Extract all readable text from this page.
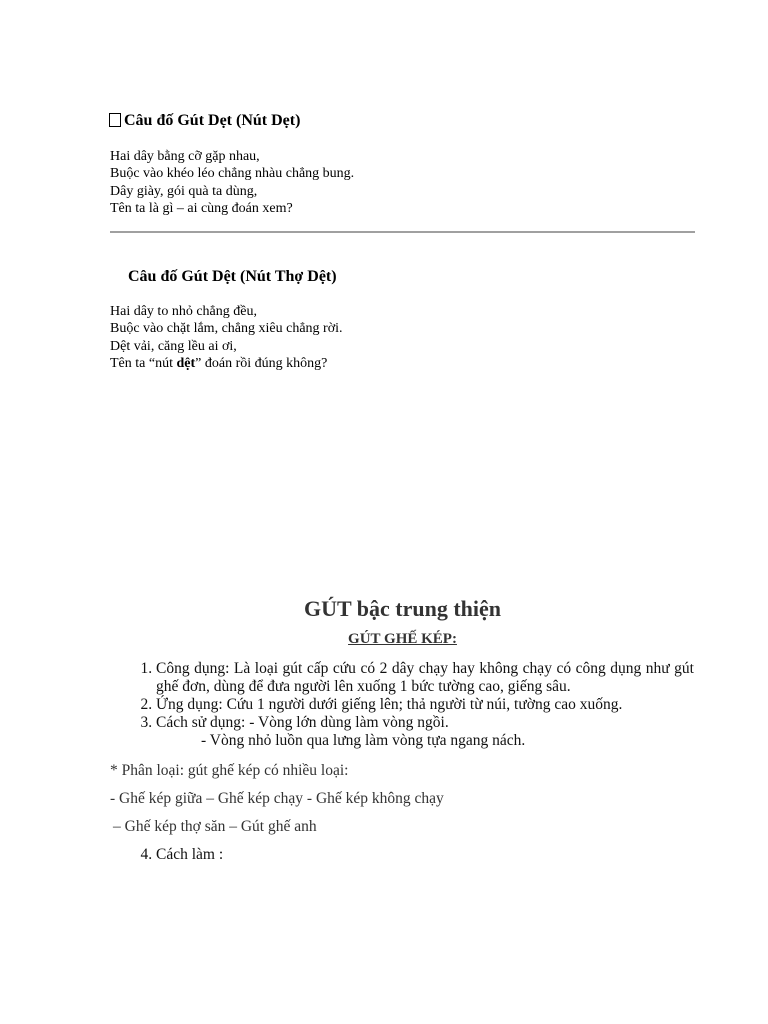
Câu đố Gút Dẹt (Nút Dẹt)
Hai dây bằng cỡ gặp nhau,
Buộc vào khéo léo chẳng nhàu chẳng bung.
Dây giày, gói quà ta dùng,
Tên ta là gì – ai cùng đoán xem?
Câu đố Gút Dệt (Nút Thợ Dệt)
Hai dây to nhỏ chẳng đều,
Buộc vào chặt lắm, chẳng xiêu chẳng rời.
Dệt vải, căng lều ai ơi,
Tên ta “nút dệt” đoán rồi đúng không?
GÚT bậc trung thiện
GÚT GHẾ KÉP:
1. Công dụng: Là loại gút cấp cứu có 2 dây chạy hay không chạy có công dụng như gút ghế đơn, dùng để đưa người lên xuống 1 bức tường cao, giếng sâu.
2. Ứng dụng: Cứu 1 người dưới giếng lên; thả người từ núi, tường cao xuống.
3. Cách sử dụng: - Vòng lớn dùng làm vòng ngồi.
- Vòng nhỏ luồn qua lưng làm vòng tựa ngang nách.
* Phân loại: gút ghế kép có nhiều loại:
- Ghế kép giữa – Ghế kép chạy - Ghế kép không chạy
– Ghế kép thợ săn – Gút ghế anh
4. Cách làm :
